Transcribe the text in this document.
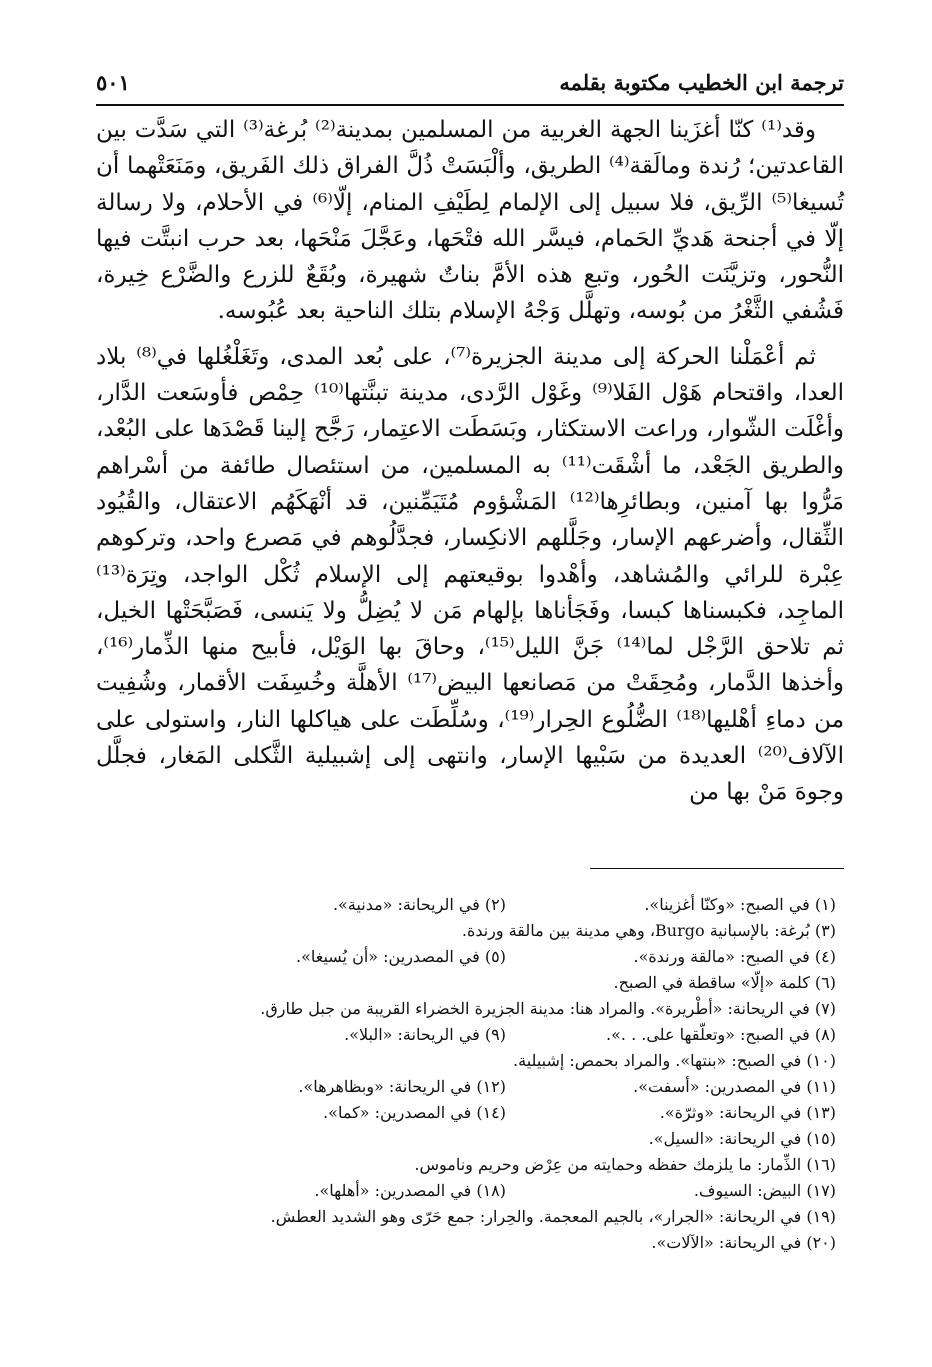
ترجمة ابن الخطيب مكتوبة بقلمه
٥٠١

وقد⁽¹⁾ كنّا أغزَينا الجهة الغربية من المسلمين بمدينة⁽²⁾ بُرغة⁽³⁾ التي سَدَّت بين القاعدتين؛ رُندة ومالَقة⁽⁴⁾ الطريق، وألْبَسَتْ ذُلَّ الفراق ذلك الفَريق، ومَنَعَتْهما أن تُسيغا⁽⁵⁾ الرِّيق، فلا سبيل إلى الإلمام لِطَيْفِ المنام، إلّا⁽⁶⁾ في الأحلام، ولا رسالة إلّا في أجنحة هَديِّ الحَمام، فيسَّر الله فتْحَها، وعَجَّلَ مَنْحَها، بعد حرب انبتَّت فيها النُّحور، وتزيَّنَت الحُور، وتبع هذه الأمَّ بناتٌ شهيرة، وبُقَعٌ للزرع والضَّرْع خِيرة، فَشُفي الثَّغْرُ من بُوسه، وتهلَّل وَجْهُ الإسلام بتلك الناحية بعد عُبُوسه.

ثم أعْمَلْنا الحركة إلى مدينة الجزيرة⁽⁷⁾، على بُعد المدى، وتَغَلْغُلها في⁽⁸⁾ بلاد العدا، واقتحام هَوْل الفَلا⁽⁹⁾ وغَوْل الرَّدى، مدينة تبنَّتها⁽¹⁰⁾ حِمْص فأوسَعت الدَّار، وأغْلَت الشّوار، وراعت الاستكثار، وبَسَطَت الاعتِمار، رَجَّح إلينا قَصْدَها على البُعْد، والطريق الجَعْد، ما أشْقَت⁽¹¹⁾ به المسلمين، من استئصال طائفة من أسْراهم مَرُّوا بها آمنين، وبطائرِها⁽¹²⁾ المَشْؤوم مُتَيَمِّنين، قد أنْهَكَهُم الاعتقال، والقُيُود الثِّقال، وأضرعهم الإسار، وجَلَّلهم الانكِسار، فجدَّلُوهم في مَصرع واحد، وتركوهم عِبْرة للرائي والمُشاهد، وأهْدوا بوقيعتهم إلى الإسلام ثُكْل الواجد، وتِرَة⁽¹³⁾ الماجِد، فكبسناها كبسا، وفَجَأناها بإلهام مَن لا يُضِلُّ ولا يَنسى، فَصَبَّحَتْها الخيل، ثم تلاحق الرَّجْل لما⁽¹⁴⁾ جَنَّ الليل⁽¹⁵⁾، وحاقَ بها الوَيْل، فأبيح منها الذِّمار⁽¹⁶⁾، وأخذها الدَّمار، ومُحِقَتْ من مَصانعها البيض⁽¹⁷⁾ الأهلَّة وخُسِفَت الأقمار، وشُفِيت من دماءِ أهْليها⁽¹⁸⁾ الضُّلُوع الحِرار⁽¹⁹⁾، وسُلِّطَت على هياكلها النار، واستولى على الآلاف⁽²⁰⁾ العديدة من سَبْيها الإسار، وانتهى إلى إشبيلية الثَّكلى المَغار، فجلَّل وجوهَ مَنْ بها من

(١) في الصبح: «وكنّا أغزينا».
(٢) في الريحانة: «مدنية».
(٣) بُرغة: بالإسبانية Burgo، وهي مدينة بين مالقة ورندة.
(٤) في الصبح: «مالقة ورندة».
(٥) في المصدرين: «أن يُسيغا».
(٦) كلمة «إلّا» ساقطة في الصبح.
(٧) في الريحانة: «أطْريرة». والمراد هنا: مدينة الجزيرة الخضراء القريبة من جبل طارق.
(٨) في الصبح: «وتعلّقها على. . .».
(٩) في الريحانة: «البلا».
(١٠) في الصبح: «بنتها». والمراد بحمص: إشبيلية.
(١١) في المصدرين: «أسفت».
(١٢) في الريحانة: «وبظاهرها».
(١٣) في الريحانة: «وثرّة».
(١٤) في المصدرين: «كما».
(١٥) في الريحانة: «السيل».
(١٦) الذِّمار: ما يلزمك حفظه وحمايته من عِرْض وحريم وناموس.
(١٧) البيض: السيوف.
(١٨) في المصدرين: «أهلها».
(١٩) في الريحانة: «الجرار»، بالجيم المعجمة. والحِرار: جمع حَرّى وهو الشديد العطش.
(٢٠) في الريحانة: «الآلات».
